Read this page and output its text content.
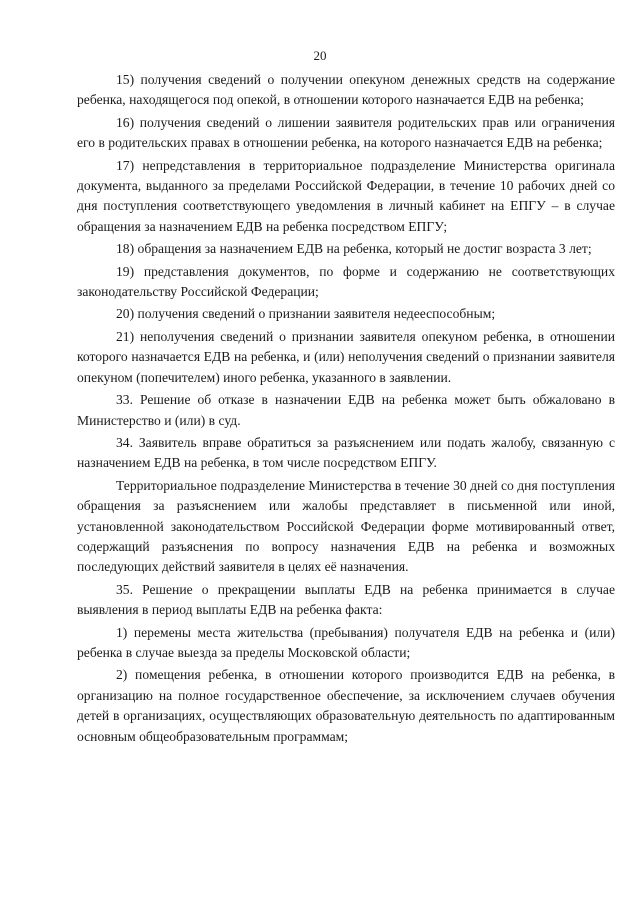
20

15) получения сведений о получении опекуном денежных средств на содержание ребенка, находящегося под опекой, в отношении которого назначается ЕДВ на ребенка;

16) получения сведений о лишении заявителя родительских прав или ограничения его в родительских правах в отношении ребенка, на которого назначается ЕДВ на ребенка;

17) непредставления в территориальное подразделение Министерства оригинала документа, выданного за пределами Российской Федерации, в течение 10 рабочих дней со дня поступления соответствующего уведомления в личный кабинет на ЕПГУ – в случае обращения за назначением ЕДВ на ребенка посредством ЕПГУ;

18) обращения за назначением ЕДВ на ребенка, который не достиг возраста 3 лет;

19) представления документов, по форме и содержанию не соответствующих законодательству Российской Федерации;

20) получения сведений о признании заявителя недееспособным;

21) неполучения сведений о признании заявителя опекуном ребенка, в отношении которого назначается ЕДВ на ребенка, и (или) неполучения сведений о признании заявителя опекуном (попечителем) иного ребенка, указанного в заявлении.

33. Решение об отказе в назначении ЕДВ на ребенка может быть обжаловано в Министерство и (или) в суд.

34. Заявитель вправе обратиться за разъяснением или подать жалобу, связанную с назначением ЕДВ на ребенка, в том числе посредством ЕПГУ.

Территориальное подразделение Министерства в течение 30 дней со дня поступления обращения за разъяснением или жалобы представляет в письменной или иной, установленной законодательством Российской Федерации форме мотивированный ответ, содержащий разъяснения по вопросу назначения ЕДВ на ребенка и возможных последующих действий заявителя в целях её назначения.

35. Решение о прекращении выплаты ЕДВ на ребенка принимается в случае выявления в период выплаты ЕДВ на ребенка факта:

1) перемены места жительства (пребывания) получателя ЕДВ на ребенка и (или) ребенка в случае выезда за пределы Московской области;

2) помещения ребенка, в отношении которого производится ЕДВ на ребенка, в организацию на полное государственное обеспечение, за исключением случаев обучения детей в организациях, осуществляющих образовательную деятельность по адаптированным основным общеобразовательным программам;
